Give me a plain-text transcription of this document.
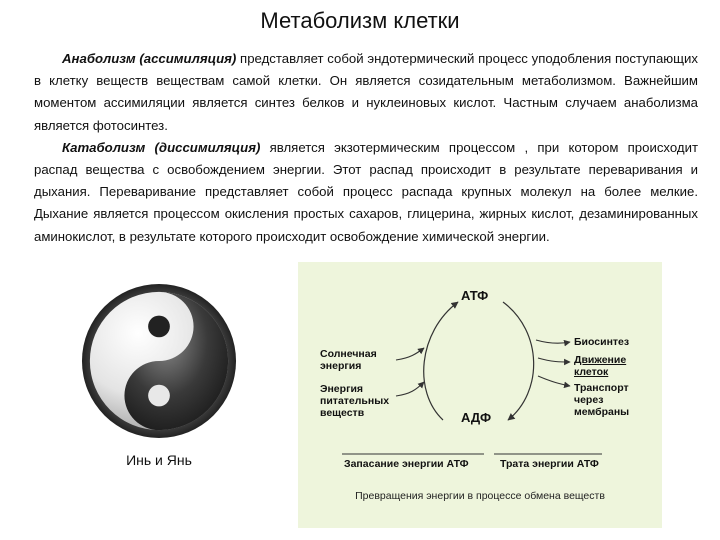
Метаболизм клетки

Анаболизм (ассимиляция) представляет собой эндотермический процесс уподобления поступающих в клетку веществ веществам самой клетки. Он является созидательным метаболизмом. Важнейшим моментом ассимиляции является синтез белков и нуклеиновых кислот. Частным случаем анаболизма является фотосинтез.

Катаболизм (диссимиляция) является экзотермическим процессом , при котором происходит распад вещества с освобождением энергии. Этот распад происходит в результате переваривания и дыхания. Переваривание представляет собой процесс распада крупных молекул на более мелкие. Дыхание является процессом окисления простых сахаров, глицерина, жирных кислот, дезаминированных аминокислот, в результате которого происходит освобождение химической энергии.

Инь и Янь
АТФ
АДФ
Солнечная энергия
Энергия питательных веществ
Биосинтез
Движение клеток
Транспорт через мембраны
Запасание энергии АТФ	Трата энергии АТФ
Превращения энергии в процессе обмена веществ
